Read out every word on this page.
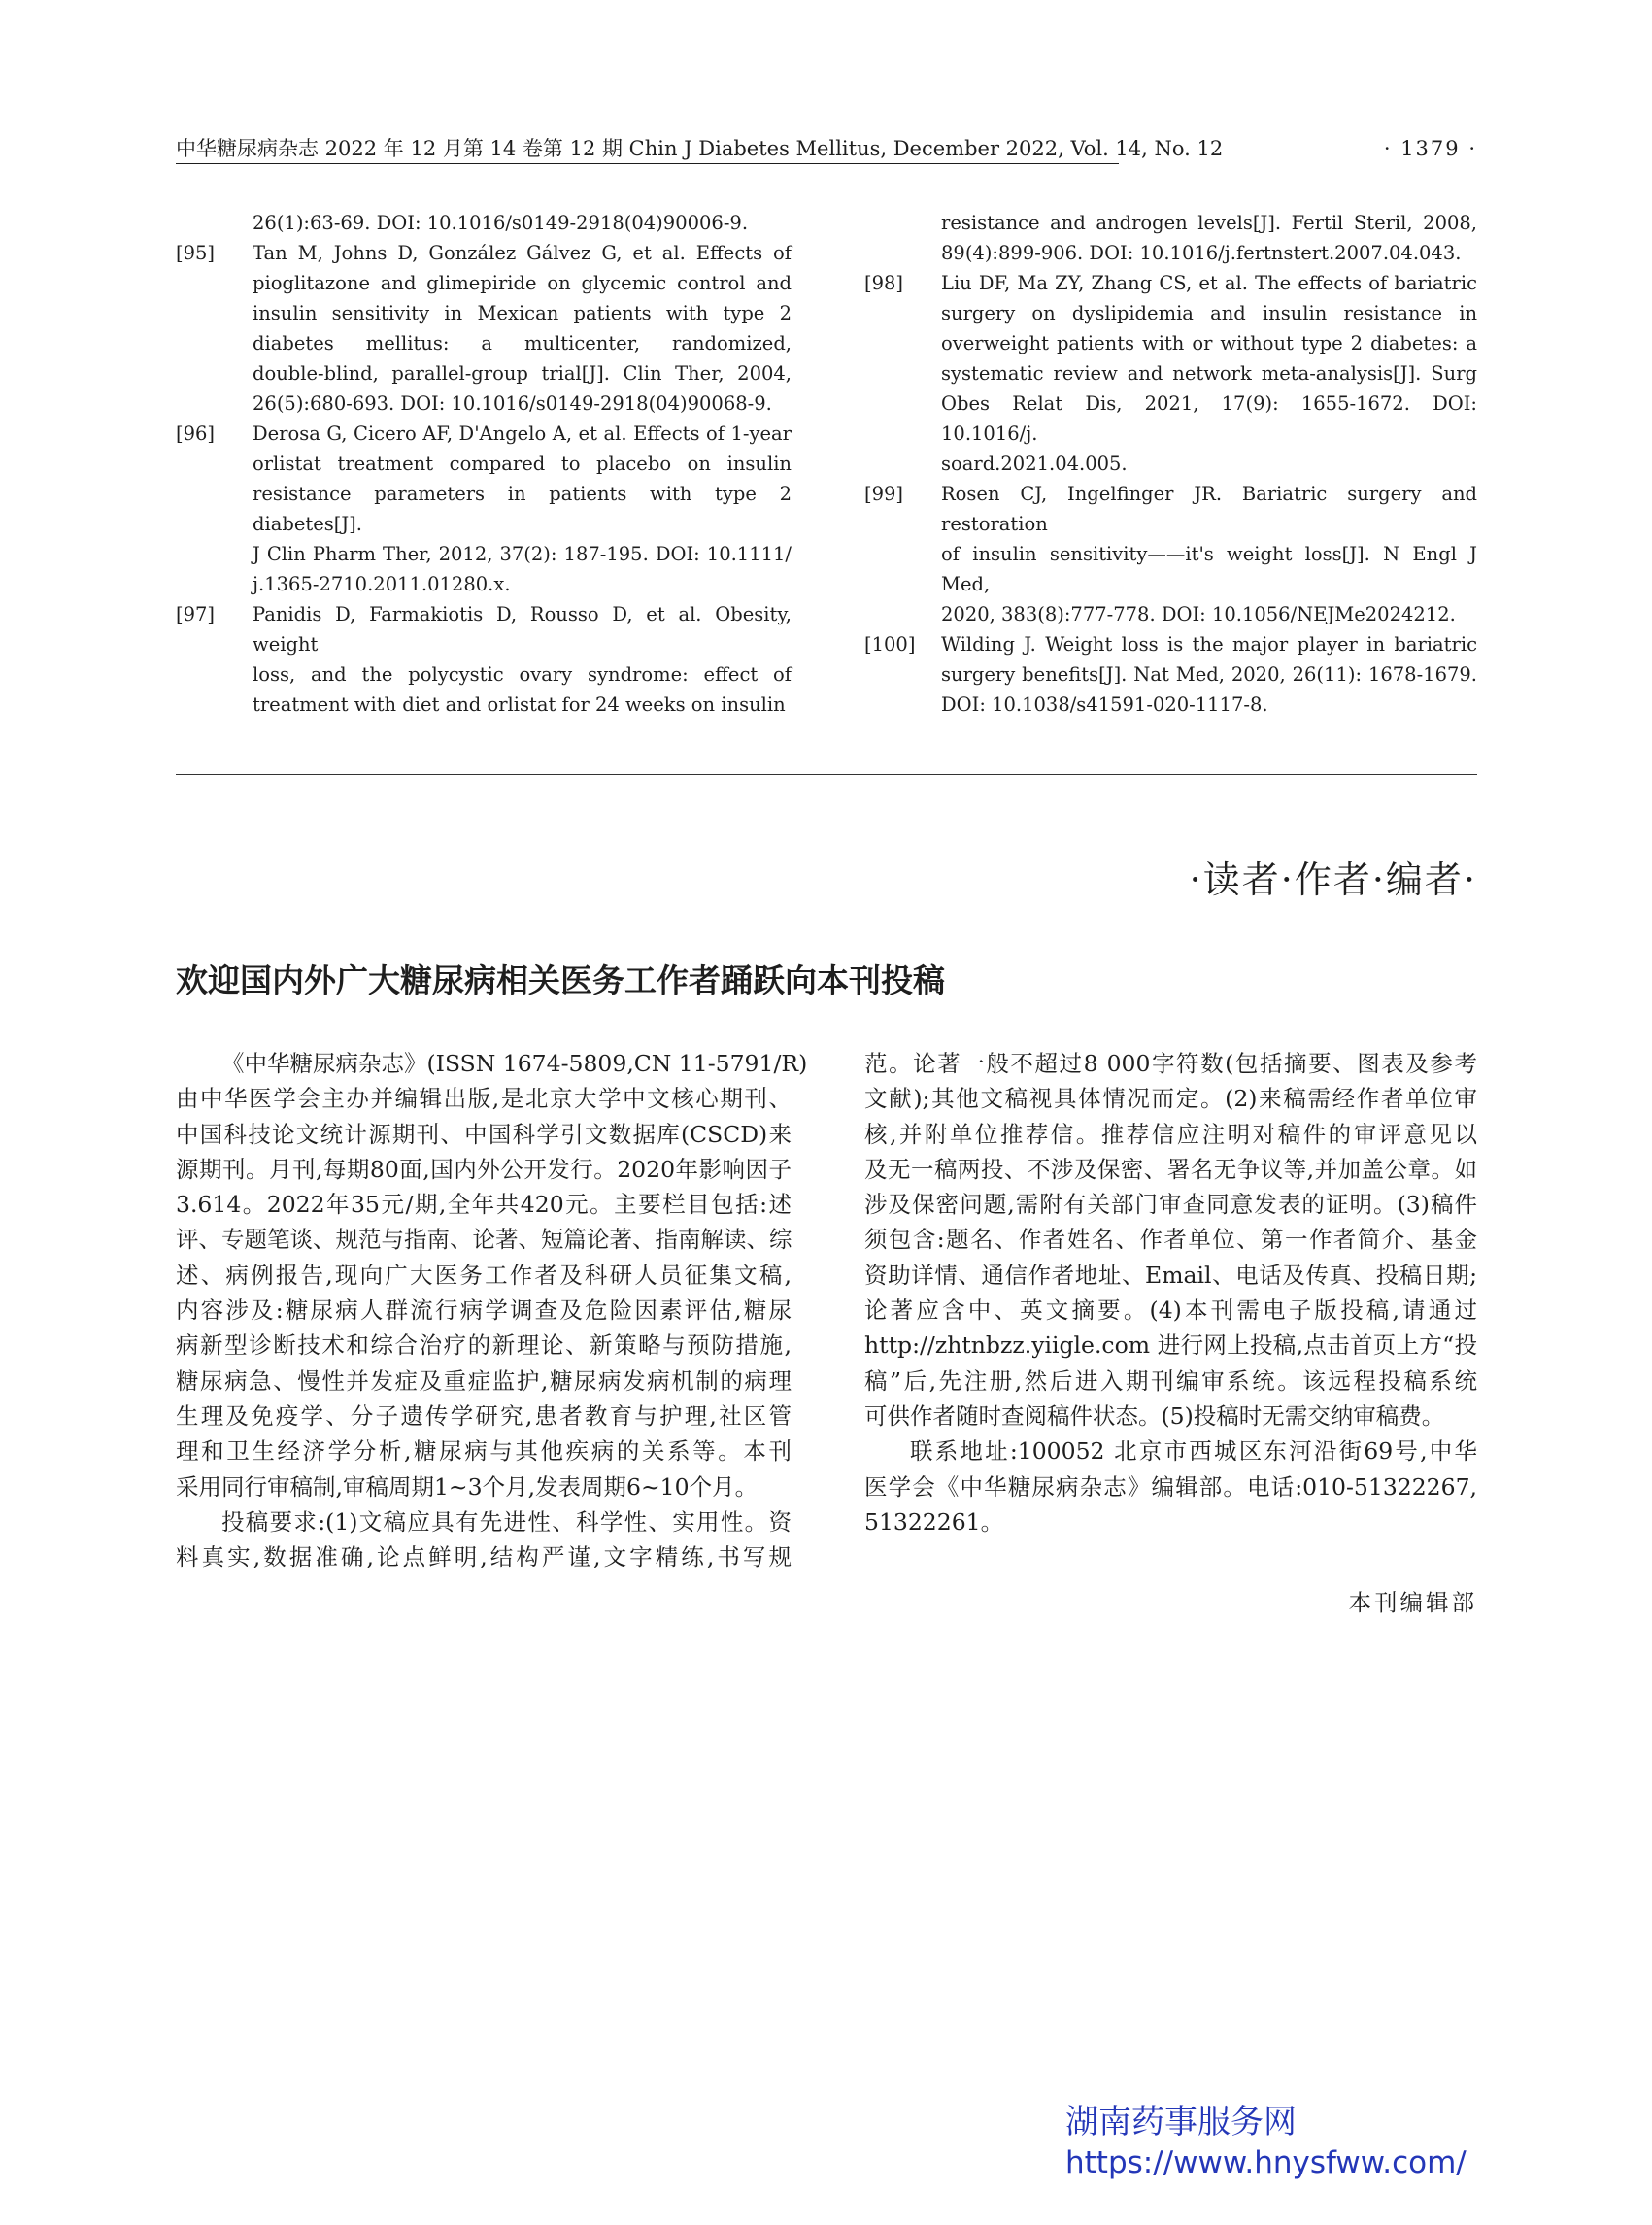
中华糖尿病杂志 2022 年 12 月第 14 卷第 12 期 Chin J Diabetes Mellitus, December 2022, Vol. 14, No. 12	· 1379 ·
26(1):63-69. DOI: 10.1016/s0149-2918(04)90006-9.
[95]	Tan M, Johns D, González Gálvez G, et al. Effects of
pioglitazone and glimepiride on glycemic control and
insulin sensitivity in Mexican patients with type 2
diabetes mellitus: a multicenter, randomized,
double-blind, parallel-group trial[J]. Clin Ther, 2004,
26(5):680-693. DOI: 10.1016/s0149-2918(04)90068-9.
[96]	Derosa G, Cicero AF, D'Angelo A, et al. Effects of 1-year
orlistat treatment compared to placebo on insulin
resistance parameters in patients with type 2 diabetes[J].
J Clin Pharm Ther, 2012, 37(2): 187-195. DOI: 10.1111/
j.1365-2710.2011.01280.x.
[97]	Panidis D, Farmakiotis D, Rousso D, et al. Obesity, weight
loss, and the polycystic ovary syndrome: effect of
treatment with diet and orlistat for 24 weeks on insulin
resistance and androgen levels[J]. Fertil Steril, 2008,
89(4):899-906. DOI: 10.1016/j.fertnstert.2007.04.043.
[98]	Liu DF, Ma ZY, Zhang CS, et al. The effects of bariatric
surgery on dyslipidemia and insulin resistance in
overweight patients with or without type 2 diabetes: a
systematic review and network meta-analysis[J]. Surg
Obes Relat Dis, 2021, 17(9): 1655-1672. DOI: 10.1016/j.
soard.2021.04.005.
[99]	Rosen CJ, Ingelfinger JR. Bariatric surgery and restoration
of insulin sensitivity——it's weight loss[J]. N Engl J Med,
2020, 383(8):777-778. DOI: 10.1056/NEJMe2024212.
[100]	Wilding J. Weight loss is the major player in bariatric
surgery benefits[J]. Nat Med, 2020, 26(11): 1678-1679.
DOI: 10.1038/s41591-020-1117-8.
·读者·作者·编者·
欢迎国内外广大糖尿病相关医务工作者踊跃向本刊投稿
《中华糖尿病杂志》(ISSN 1674-5809,CN 11-5791/R)
由中华医学会主办并编辑出版,是北京大学中文核心期刊、
中国科技论文统计源期刊、中国科学引文数据库(CSCD)来
源期刊。月刊,每期80面,国内外公开发行。2020年影响因子
3.614。2022年35元/期,全年共420元。主要栏目包括:述
评、专题笔谈、规范与指南、论著、短篇论著、指南解读、综
述、病例报告,现向广大医务工作者及科研人员征集文稿,
内容涉及:糖尿病人群流行病学调查及危险因素评估,糖尿
病新型诊断技术和综合治疗的新理论、新策略与预防措施,
糖尿病急、慢性并发症及重症监护,糖尿病发病机制的病理
生理及免疫学、分子遗传学研究,患者教育与护理,社区管
理和卫生经济学分析,糖尿病与其他疾病的关系等。本刊
采用同行审稿制,审稿周期1~3个月,发表周期6~10个月。
投稿要求:(1)文稿应具有先进性、科学性、实用性。资
料真实,数据准确,论点鲜明,结构严谨,文字精练,书写规
范。论著一般不超过8 000字符数(包括摘要、图表及参考
文献);其他文稿视具体情况而定。(2)来稿需经作者单位审
核,并附单位推荐信。推荐信应注明对稿件的审评意见以
及无一稿两投、不涉及保密、署名无争议等,并加盖公章。如
涉及保密问题,需附有关部门审查同意发表的证明。(3)稿件
须包含:题名、作者姓名、作者单位、第一作者简介、基金
资助详情、通信作者地址、Email、电话及传真、投稿日期;
论著应含中、英文摘要。(4)本刊需电子版投稿,请通过
http://zhtnbzz.yiigle.com 进行网上投稿,点击首页上方“投
稿”后,先注册,然后进入期刊编审系统。该远程投稿系统
可供作者随时查阅稿件状态。(5)投稿时无需交纳审稿费。
联系地址:100052 北京市西城区东河沿街69号,中华
医学会《中华糖尿病杂志》编辑部。电话:010-51322267,
51322261。
本刊编辑部
湖南药事服务网
https://www.hnysfww.com/
